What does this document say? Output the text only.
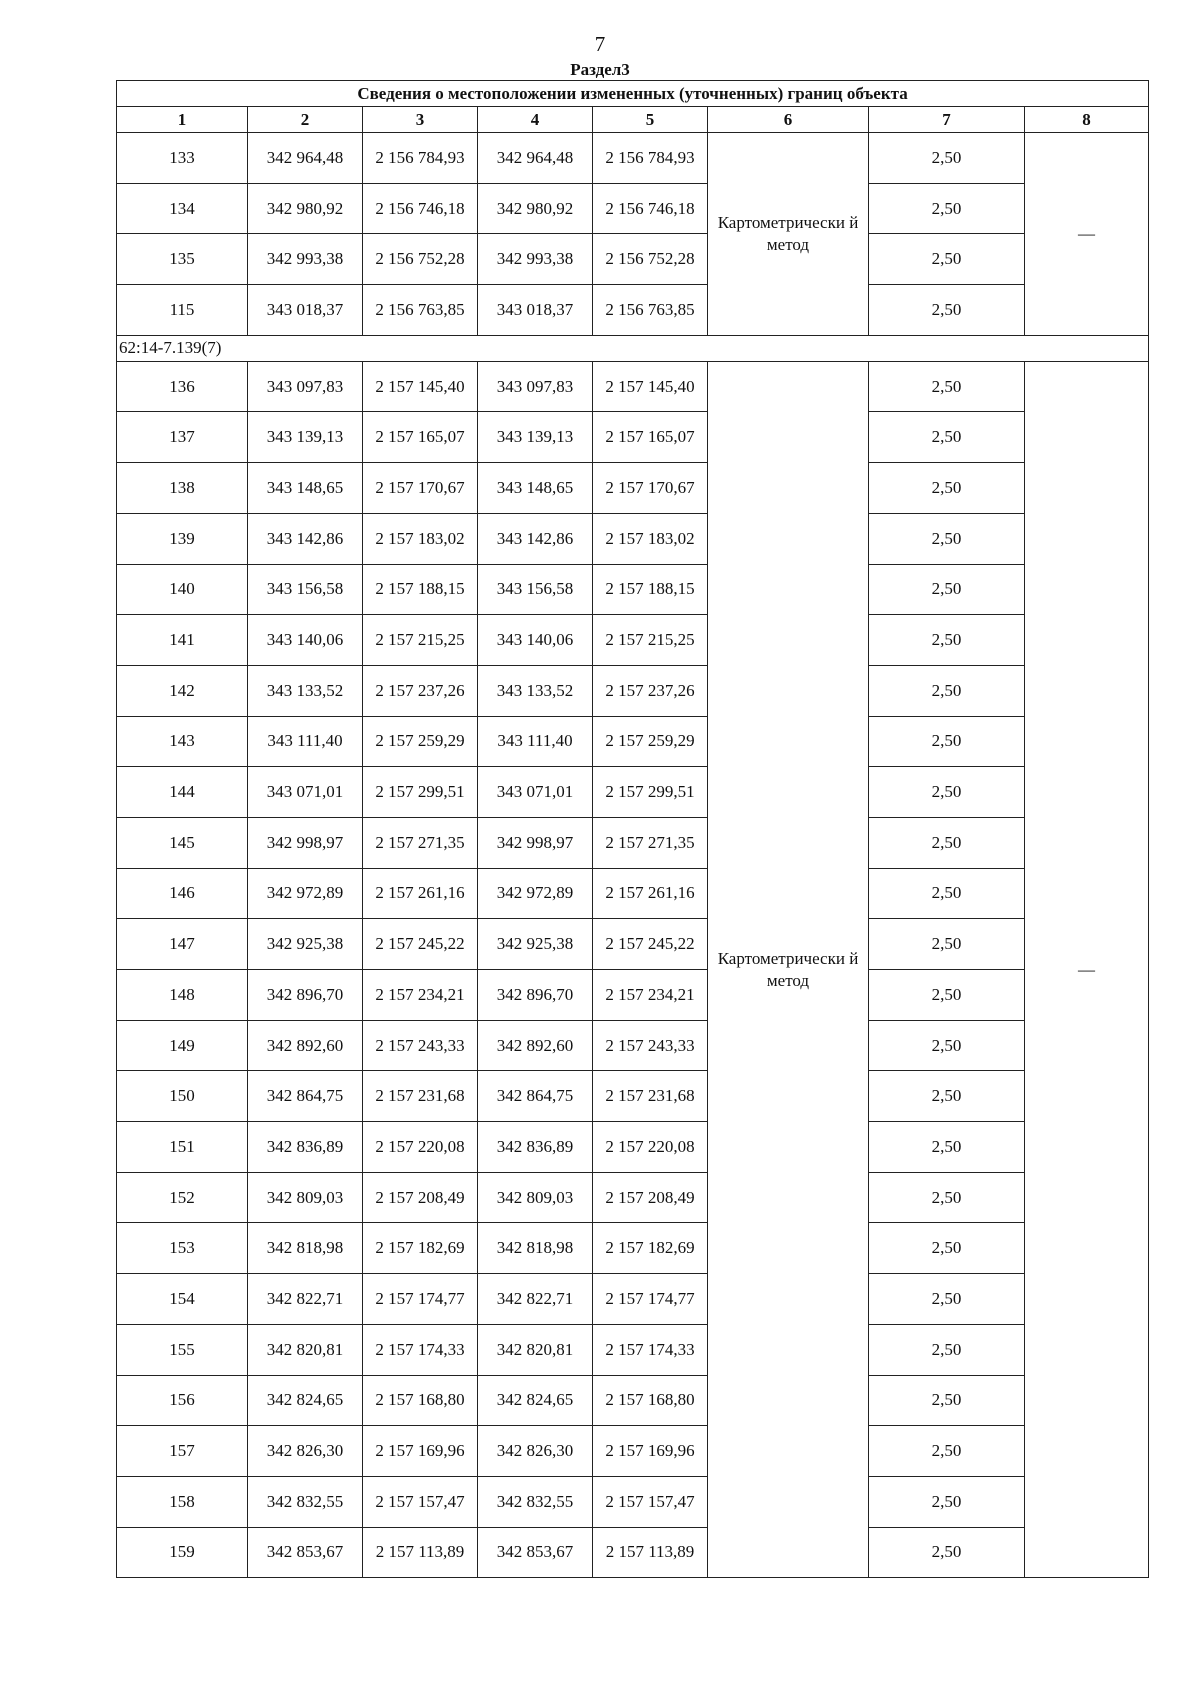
7
Раздел3
Сведения о местоположении измененных (уточненных) границ объекта							
1	2	3	4	5	6	7	8
133	342 964,48	2 156 784,93	342 964,48	2 156 784,93	Картометрически й метод	2,50	—
134	342 980,92	2 156 746,18	342 980,92	2 156 746,18		2,50	
135	342 993,38	2 156 752,28	342 993,38	2 156 752,28		2,50	
115	343 018,37	2 156 763,85	343 018,37	2 156 763,85		2,50	
62:14-7.139(7)							
136	343 097,83	2 157 145,40	343 097,83	2 157 145,40	Картометрически й метод	2,50	—
137	343 139,13	2 157 165,07	343 139,13	2 157 165,07		2,50	
138	343 148,65	2 157 170,67	343 148,65	2 157 170,67		2,50	
139	343 142,86	2 157 183,02	343 142,86	2 157 183,02		2,50	
140	343 156,58	2 157 188,15	343 156,58	2 157 188,15		2,50	
141	343 140,06	2 157 215,25	343 140,06	2 157 215,25		2,50	
142	343 133,52	2 157 237,26	343 133,52	2 157 237,26		2,50	
143	343 111,40	2 157 259,29	343 111,40	2 157 259,29		2,50	
144	343 071,01	2 157 299,51	343 071,01	2 157 299,51		2,50	
145	342 998,97	2 157 271,35	342 998,97	2 157 271,35		2,50	
146	342 972,89	2 157 261,16	342 972,89	2 157 261,16		2,50	
147	342 925,38	2 157 245,22	342 925,38	2 157 245,22		2,50	
148	342 896,70	2 157 234,21	342 896,70	2 157 234,21		2,50	
149	342 892,60	2 157 243,33	342 892,60	2 157 243,33		2,50	
150	342 864,75	2 157 231,68	342 864,75	2 157 231,68		2,50	
151	342 836,89	2 157 220,08	342 836,89	2 157 220,08		2,50	
152	342 809,03	2 157 208,49	342 809,03	2 157 208,49		2,50	
153	342 818,98	2 157 182,69	342 818,98	2 157 182,69		2,50	
154	342 822,71	2 157 174,77	342 822,71	2 157 174,77		2,50	
155	342 820,81	2 157 174,33	342 820,81	2 157 174,33		2,50	
156	342 824,65	2 157 168,80	342 824,65	2 157 168,80		2,50	
157	342 826,30	2 157 169,96	342 826,30	2 157 169,96		2,50	
158	342 832,55	2 157 157,47	342 832,55	2 157 157,47		2,50	
159	342 853,67	2 157 113,89	342 853,67	2 157 113,89		2,50	
